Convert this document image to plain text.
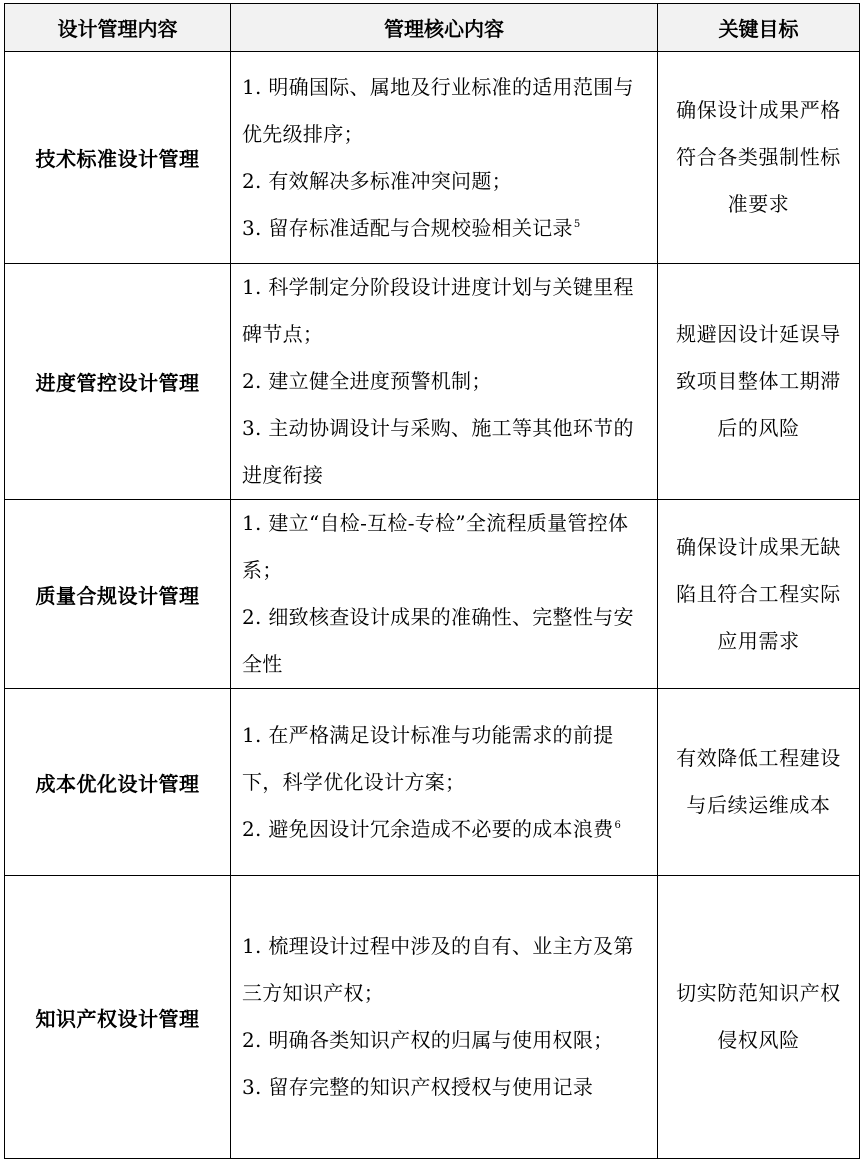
设计管理内容	管理核心内容	关键目标
技术标准设计管理	1. 明确国际、属地及行业标准的适用范围与优先级排序；
2. 有效解决多标准冲突问题；
3. 留存标准适配与合规校验相关记录$^5$	确保设计成果严格符合各类强制性标准要求
进度管控设计管理	1. 科学制定分阶段设计进度计划与关键里程碑节点；
2. 建立健全进度预警机制；
3. 主动协调设计与采购、施工等其他环节的进度衔接	规避因设计延误导致项目整体工期滞后的风险
质量合规设计管理	1. 建立“自检-互检-专检”全流程质量管控体系；
2. 细致核查设计成果的准确性、完整性与安全性	确保设计成果无缺陷且符合工程实际应用需求
成本优化设计管理	1. 在严格满足设计标准与功能需求的前提下，科学优化设计方案；
2. 避免因设计冗余造成不必要的成本浪费$^6$	有效降低工程建设与后续运维成本
知识产权设计管理	1. 梳理设计过程中涉及的自有、业主方及第三方知识产权；
2. 明确各类知识产权的归属与使用权限；
3. 留存完整的知识产权授权与使用记录	切实防范知识产权侵权风险
